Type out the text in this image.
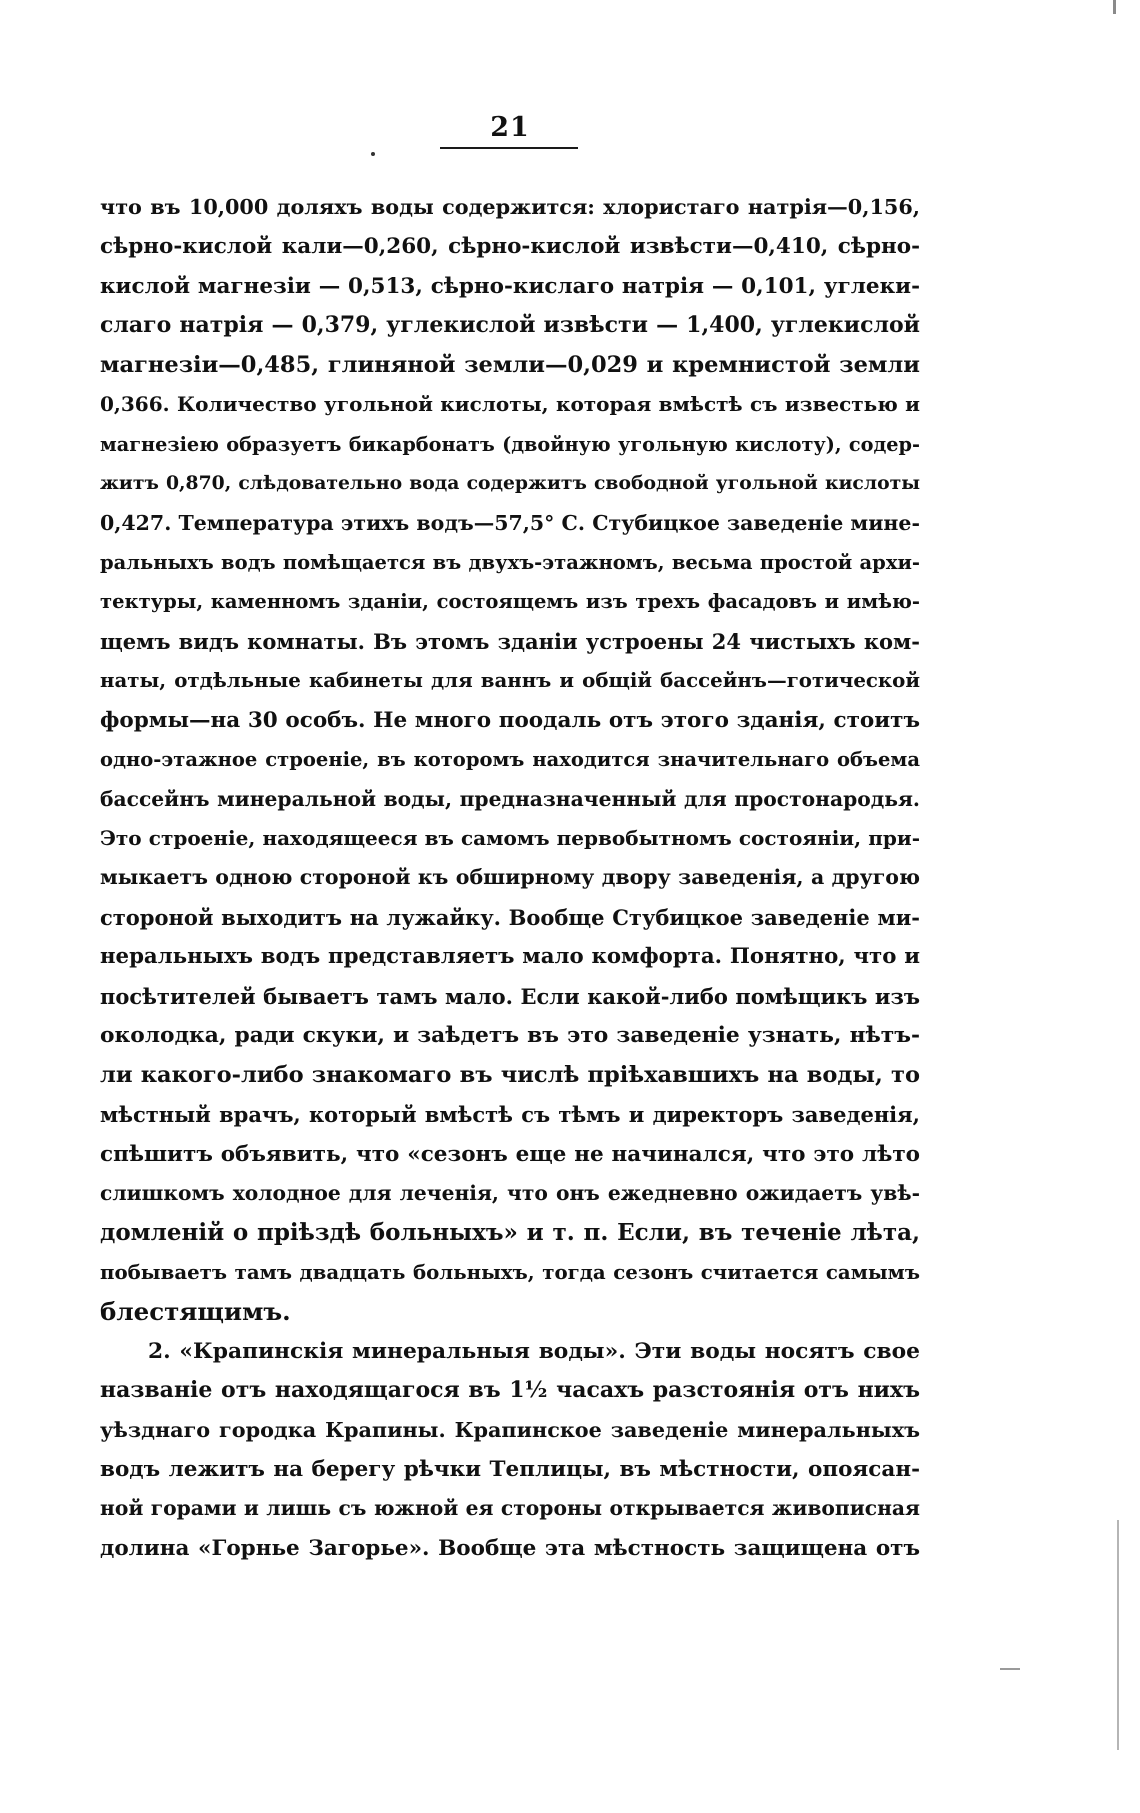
21
что въ 10,000 доляхъ воды содержится: хлористаго натрія—0,156,
сѣрно-кислой кали—0,260, сѣрно-кислой извѣсти—0,410, сѣрно-
кислой магнезіи — 0,513, сѣрно-кислаго натрія — 0,101, углеки-
слаго натрія — 0,379, углекислой извѣсти — 1,400, углекислой
магнезіи—0,485, глиняной земли—0,029 и кремнистой земли
0,366. Количество угольной кислоты, которая вмѣстѣ съ известью и
магнезіею образуетъ бикарбонатъ (двойную угольную кислоту), содер-
житъ 0,870, слѣдовательно вода содержитъ свободной угольной кислоты
0,427. Температура этихъ водъ—57,5° С. Стубицкое заведеніе мине-
ральныхъ водъ помѣщается въ двухъ-этажномъ, весьма простой архи-
тектуры, каменномъ зданіи, состоящемъ изъ трехъ фасадовъ и имѣю-
щемъ видъ комнаты. Въ этомъ зданіи устроены 24 чистыхъ ком-
наты, отдѣльные кабинеты для ваннъ и общій бассейнъ—готической
формы—на 30 особъ. Не много поодаль отъ этого зданія, стоитъ
одно-этажное строеніе, въ которомъ находится значительнаго объема
бассейнъ минеральной воды, предназначенный для простонародья.
Это строеніе, находящееся въ самомъ первобытномъ состояніи, при-
мыкаетъ одною стороной къ обширному двору заведенія, а другою
стороной выходитъ на лужайку. Вообще Стубицкое заведеніе ми-
неральныхъ водъ представляетъ мало комфорта. Понятно, что и
посѣтителей бываетъ тамъ мало. Если какой-либо помѣщикъ изъ
околодка, ради скуки, и заѣдетъ въ это заведеніе узнать, нѣтъ-
ли какого-либо знакомаго въ числѣ пріѣхавшихъ на воды, то
мѣстный врачъ, который вмѣстѣ съ тѣмъ и директоръ заведенія,
спѣшитъ объявить, что «сезонъ еще не начинался, что это лѣто
слишкомъ холодное для леченія, что онъ ежедневно ожидаетъ увѣ-
домленій о пріѣздѣ больныхъ» и т. п. Если, въ теченіе лѣта,
побываетъ тамъ двадцать больныхъ, тогда сезонъ считается самымъ
блестящимъ.
2. «Крапинскія минеральныя воды». Эти воды носятъ свое
названіе отъ находящагося въ 1½ часахъ разстоянія отъ нихъ
уѣзднаго городка Крапины. Крапинское заведеніе минеральныхъ
водъ лежитъ на берегу рѣчки Теплицы, въ мѣстности, опоясан-
ной горами и лишь съ южной ея стороны открывается живописная
долина «Горнье Загорье». Вообще эта мѣстность защищена отъ
